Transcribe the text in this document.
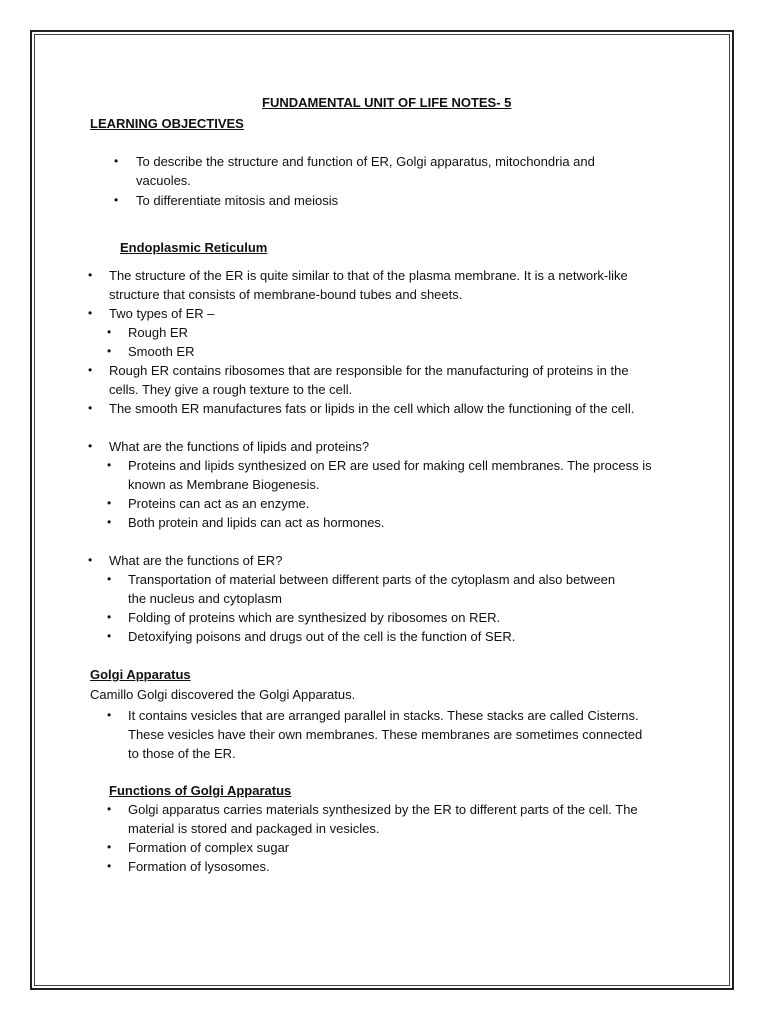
FUNDAMENTAL UNIT OF LIFE NOTES- 5
LEARNING OBJECTIVES
• To describe the structure and function of ER, Golgi apparatus, mitochondria and
vacuoles.
• To differentiate mitosis and meiosis
Endoplasmic Reticulum
• The structure of the ER is quite similar to that of the plasma membrane. It is a network-like
structure that consists of membrane-bound tubes and sheets.
• Two types of ER –
• Rough ER
• Smooth ER
• Rough ER contains ribosomes that are responsible for the manufacturing of proteins in the
cells. They give a rough texture to the cell.
• The smooth ER manufactures fats or lipids in the cell which allow the functioning of the cell.
• What are the functions of lipids and proteins?
• Proteins and lipids synthesized on ER are used for making cell membranes. The process is
known as Membrane Biogenesis.
• Proteins can act as an enzyme.
• Both protein and lipids can act as hormones.
• What are the functions of ER?
• Transportation of material between different parts of the cytoplasm and also between
the nucleus and cytoplasm
• Folding of proteins which are synthesized by ribosomes on RER.
• Detoxifying poisons and drugs out of the cell is the function of SER.
Golgi Apparatus
Camillo Golgi discovered the Golgi Apparatus.
• It contains vesicles that are arranged parallel in stacks. These stacks are called Cisterns.
These vesicles have their own membranes. These membranes are sometimes connected
to those of the ER.
Functions of Golgi Apparatus
• Golgi apparatus carries materials synthesized by the ER to different parts of the cell. The
material is stored and packaged in vesicles.
• Formation of complex sugar
• Formation of lysosomes.
